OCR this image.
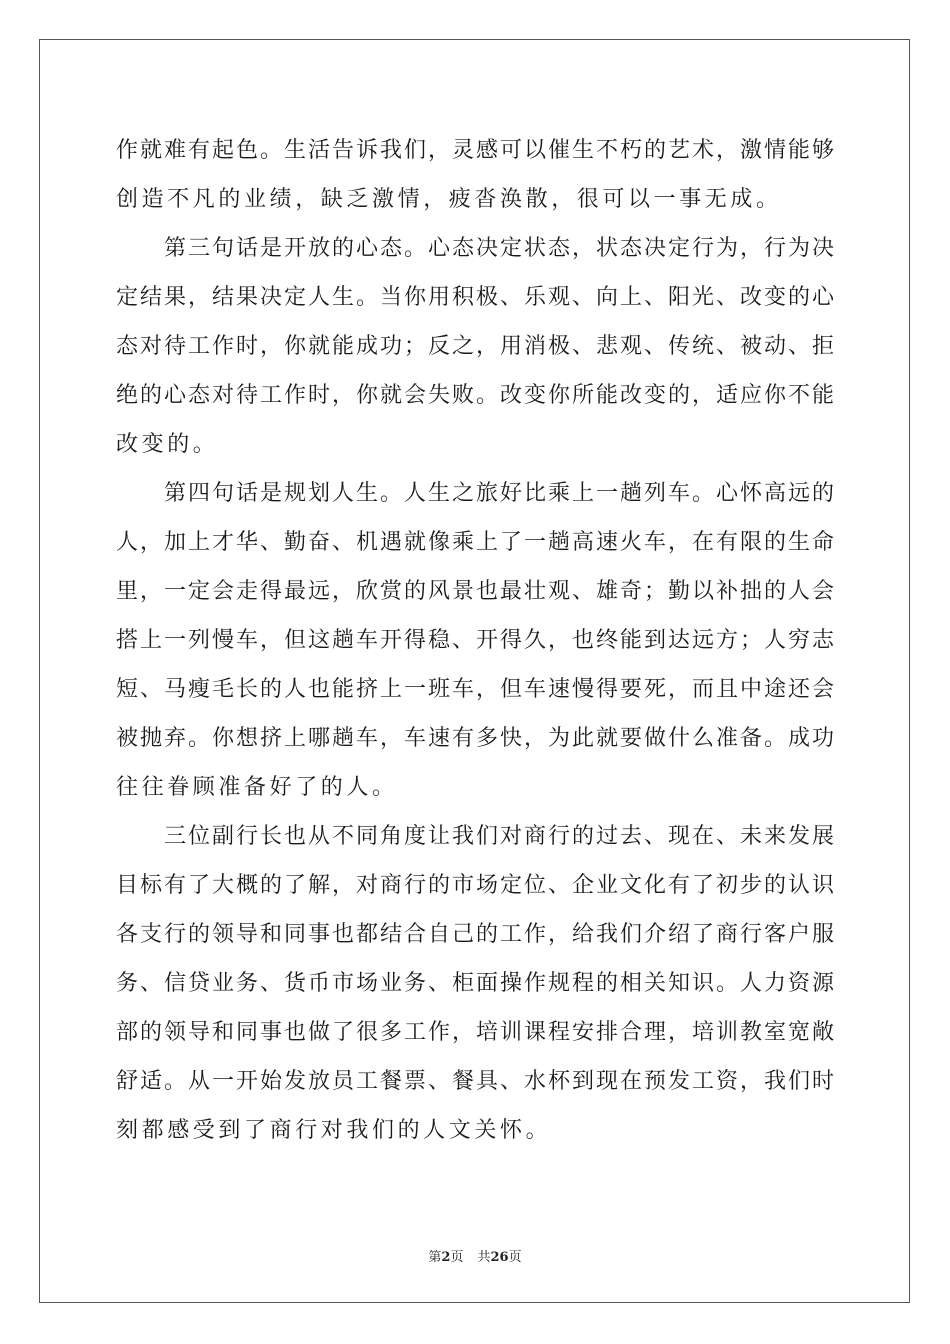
作就难有起色。生活告诉我们，灵感可以催生不朽的艺术，激情能够
创造不凡的业绩，缺乏激情，疲沓涣散，很可以一事无成。
第三句话是开放的心态。心态决定状态，状态决定行为，行为决
定结果，结果决定人生。当你用积极、乐观、向上、阳光、改变的心
态对待工作时，你就能成功；反之，用消极、悲观、传统、被动、拒
绝的心态对待工作时，你就会失败。改变你所能改变的，适应你不能
改变的。
第四句话是规划人生。人生之旅好比乘上一趟列车。心怀高远的
人，加上才华、勤奋、机遇就像乘上了一趟高速火车，在有限的生命
里，一定会走得最远，欣赏的风景也最壮观、雄奇；勤以补拙的人会
搭上一列慢车，但这趟车开得稳、开得久，也终能到达远方；人穷志
短、马瘦毛长的人也能挤上一班车，但车速慢得要死，而且中途还会
被抛弃。你想挤上哪趟车，车速有多快，为此就要做什么准备。成功
往往眷顾准备好了的人。
三位副行长也从不同角度让我们对商行的过去、现在、未来发展
目标有了大概的了解，对商行的市场定位、企业文化有了初步的认识
各支行的领导和同事也都结合自己的工作，给我们介绍了商行客户服
务、信贷业务、货币市场业务、柜面操作规程的相关知识。人力资源
部的领导和同事也做了很多工作，培训课程安排合理，培训教室宽敞
舒适。从一开始发放员工餐票、餐具、水杯到现在预发工资，我们时
刻都感受到了商行对我们的人文关怀。
第2页 共26页
